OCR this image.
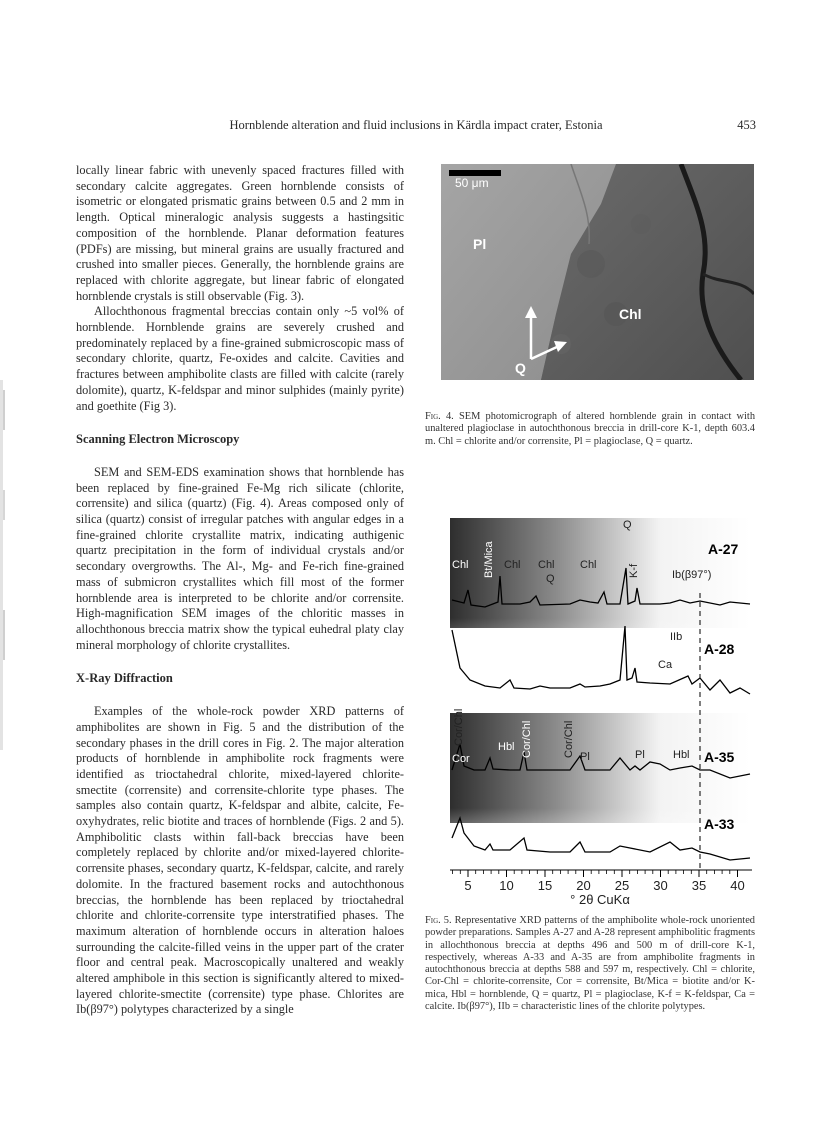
Hornblende alteration and fluid inclusions in Kärdla impact crater, Estonia	453

locally linear fabric with unevenly spaced fractures filled with secondary calcite aggregates. Green hornblende consists of isometric or elongated prismatic grains between 0.5 and 2 mm in length. Optical mineralogic analysis suggests a hastingsitic composition of the hornblende. Planar deformation features (PDFs) are missing, but mineral grains are usually fractured and crushed into smaller pieces. Generally, the hornblende grains are replaced with chlorite aggregate, but linear fabric of elongated hornblende crystals is still observable (Fig. 3).

Allochthonous fragmental breccias contain only ~5 vol% of hornblende. Hornblende grains are severely crushed and predominately replaced by a fine-grained submicroscopic mass of secondary chlorite, quartz, Fe-oxides and calcite. Cavities and fractures between amphibolite clasts are filled with calcite (rarely dolomite), quartz, K-feldspar and minor sulphides (mainly pyrite) and goethite (Fig 3).

Scanning Electron Microscopy

SEM and SEM-EDS examination shows that hornblende has been replaced by fine-grained Fe-Mg rich silicate (chlorite, corrensite) and silica (quartz) (Fig. 4). Areas composed only of silica (quartz) consist of irregular patches with angular edges in a fine-grained chlorite crystallite matrix, indicating authigenic quartz precipitation in the form of individual crystals and/or secondary overgrowths. The Al-, Mg- and Fe-rich fine-grained mass of submicron crystallites which fill most of the former hornblende area is interpreted to be chlorite and/or corrensite. High-magnification SEM images of the chloritic masses in allochthonous breccia matrix show the typical euhedral platy clay mineral morphology of chlorite crystallites.

X-Ray Diffraction

Examples of the whole-rock powder XRD patterns of amphibolites are shown in Fig. 5 and the distribution of the secondary phases in the drill cores in Fig. 2. The major alteration products of hornblende in amphibolite rock fragments were identified as trioctahedral chlorite, mixed-layered chlorite-smectite (corrensite) and corrensite-chlorite type phases. The samples also contain quartz, K-feldspar and albite, calcite, Fe-oxyhydrates, relic biotite and traces of hornblende (Figs. 2 and 5). Amphibolitic clasts within fall-back breccias have been completely replaced by chlorite and/or mixed-layered chlorite-corrensite phases, secondary quartz, K-feldspar, calcite, and rarely dolomite. In the fractured basement rocks and autochthonous breccias, the hornblende has been replaced by trioctahedral chlorite and chlorite-corrensite type interstratified phases. The maximum alteration of hornblende occurs in alteration haloes surrounding the calcite-filled veins in the upper part of the crater floor and central peak. Macroscopically unaltered and weakly altered amphibole in this section is significantly altered to mixed-layered chlorite-smectite (corrensite) type phase. Chlorites are Ib(β97°) polytypes characterized by a single

50 μm
Pl
Chl
Q
Fig. 4. SEM photomicrograph of altered hornblende grain in contact with unaltered plagioclase in autochthonous breccia in drill-core K-1, depth 603.4 m. Chl = chlorite and/or corrensite, Pl = plagioclase, Q = quartz.
5 10 15 20 25 30 35 40
A-27
A-28
A-35
A-33
Chl Bt/Mica Chl Chl
Q
Chl
Q
K-f	Ib(β97°)
IIb
Ca
Cor/Chl
Cor
Hbl Cor/Chl	Cor/Chl Pl	Pl	Hbl
° 2θ CuKα
Fig. 5. Representative XRD patterns of the amphibolite whole-rock unoriented powder preparations. Samples A-27 and A-28 represent amphibolitic fragments in allochthonous breccia at depths 496 and 500 m of drill-core K-1, respectively, whereas A-33 and A-35 are from amphibolite fragments in autochthonous breccia at depths 588 and 597 m, respectively. Chl = chlorite, Cor-Chl = chlorite-corrensite, Cor = corrensite, Bt/Mica = biotite and/or K-mica, Hbl = hornblende, Q = quartz, Pl = plagioclase, K-f = K-feldspar, Ca = calcite. Ib(β97°), IIb = characteristic lines of the chlorite polytypes.
